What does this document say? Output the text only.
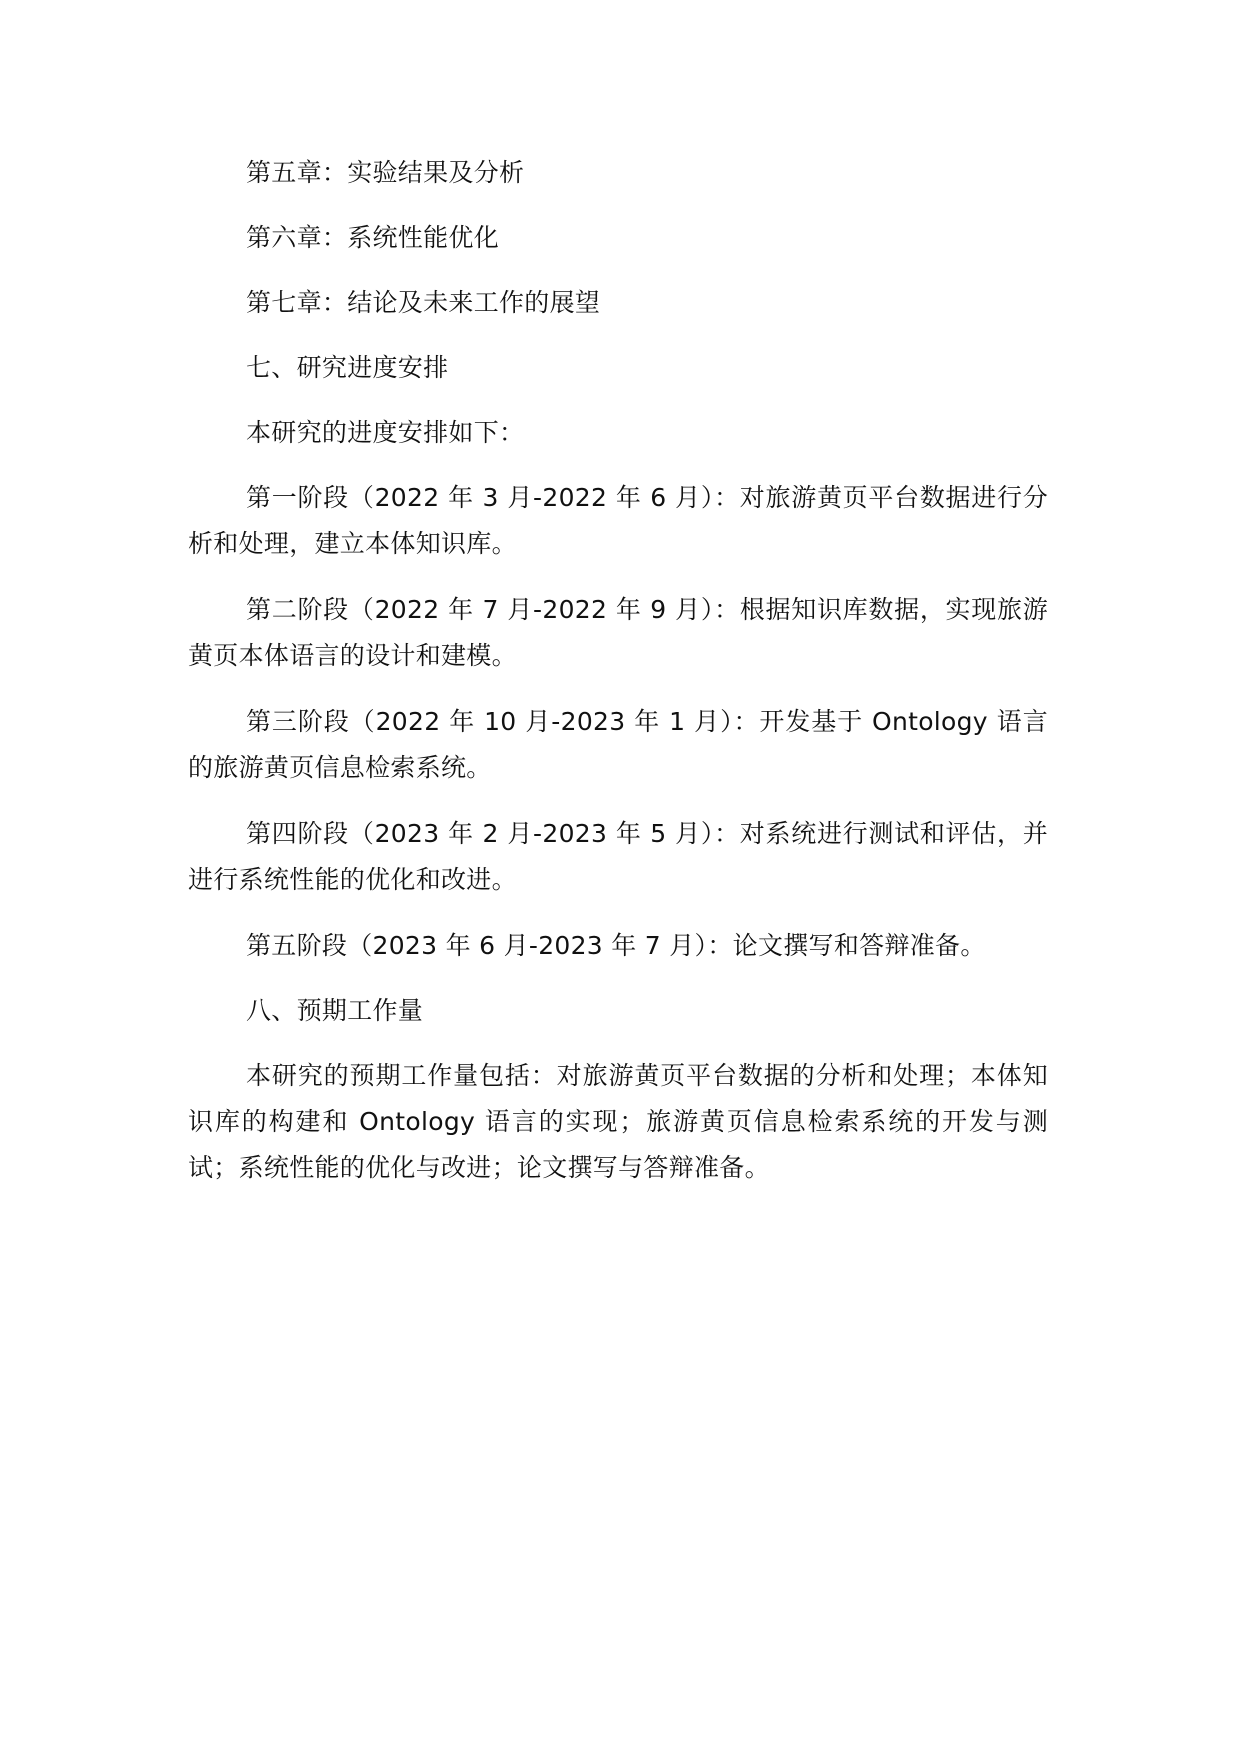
第五章：实验结果及分析

第六章：系统性能优化

第七章：结论及未来工作的展望

七、研究进度安排

本研究的进度安排如下：

第一阶段（2022 年 3 月-2022 年 6 月）：对旅游黄页平台数据进行分析和处理，建立本体知识库。

第二阶段（2022 年 7 月-2022 年 9 月）：根据知识库数据，实现旅游黄页本体语言的设计和建模。

第三阶段（2022 年 10 月-2023 年 1 月）：开发基于 Ontology 语言的旅游黄页信息检索系统。

第四阶段（2023 年 2 月-2023 年 5 月）：对系统进行测试和评估，并进行系统性能的优化和改进。

第五阶段（2023 年 6 月-2023 年 7 月）：论文撰写和答辩准备。

八、预期工作量

本研究的预期工作量包括：对旅游黄页平台数据的分析和处理；本体知识库的构建和 Ontology 语言的实现；旅游黄页信息检索系统的开发与测试；系统性能的优化与改进；论文撰写与答辩准备。
